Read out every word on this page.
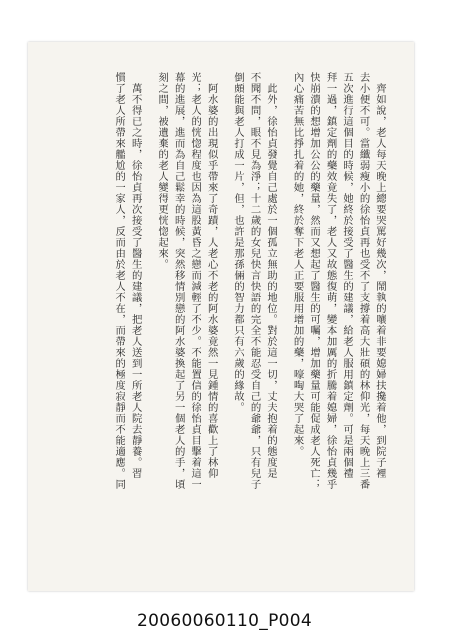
　齊如說，老人每天晚上總要哭罵好幾次，鬧執的嚷着非要媳婦扶攙着他，到院子裡
去小便不可。當纖弱瘦小的徐怡貞再也受不了支撐着高大壯碩的林仰光，每天晚上三番
五次進行這個目的時候，她終於接受了醫生的建議，給老人服用鎮定劑。可是兩個禮
拜一過，鎮定劑的藥效竟失了，老人又故態復萌，變本加厲的折騰着媳婦，徐怡貞幾乎
快崩潰的想增加公公的藥量，然而又想起了醫生的可囑，增加藥量可能促成老人死亡；
內心痛苦無比掙扎着的她，終於奪下老人正要服用增加的藥，嚎啕大哭了起來。
　此外，徐怡貞發覺自己處於一個孤立無助的地位。對於這一切，丈夫抱着的態度是
不聞不問，眼不見為淨；十二歲的女兒快言快語的完全不能忍受自己的爺爺，只有兒子
倒頗能與老人打成一片，但，也許是那孫倆的智力都只有六歲的緣故。
　阿水婆的出現似乎帶來了奇蹟，人老心不老的阿水婆竟然一見鍾情的喜歡上了林仰
光；老人的恍惚程度也因為這股黃昏之戀而減輕了不少。不能置信的徐怡貞目擊着這一
幕的進展，進而為自己鬆幸的時候，突然移情別戀的阿水婆換起了另一個老人的手，頃
刻之間，被遺棄的老人變得更恍惚起來。
　萬不得已之時，徐怡貞再次接受了醫生的建議，把老人送到一所老人院去靜養。習
慣了老人所帶來艦尬的一家人，反而由於老人不在，而帶來的極度寂靜而不能適應。同
20060060110_P004
